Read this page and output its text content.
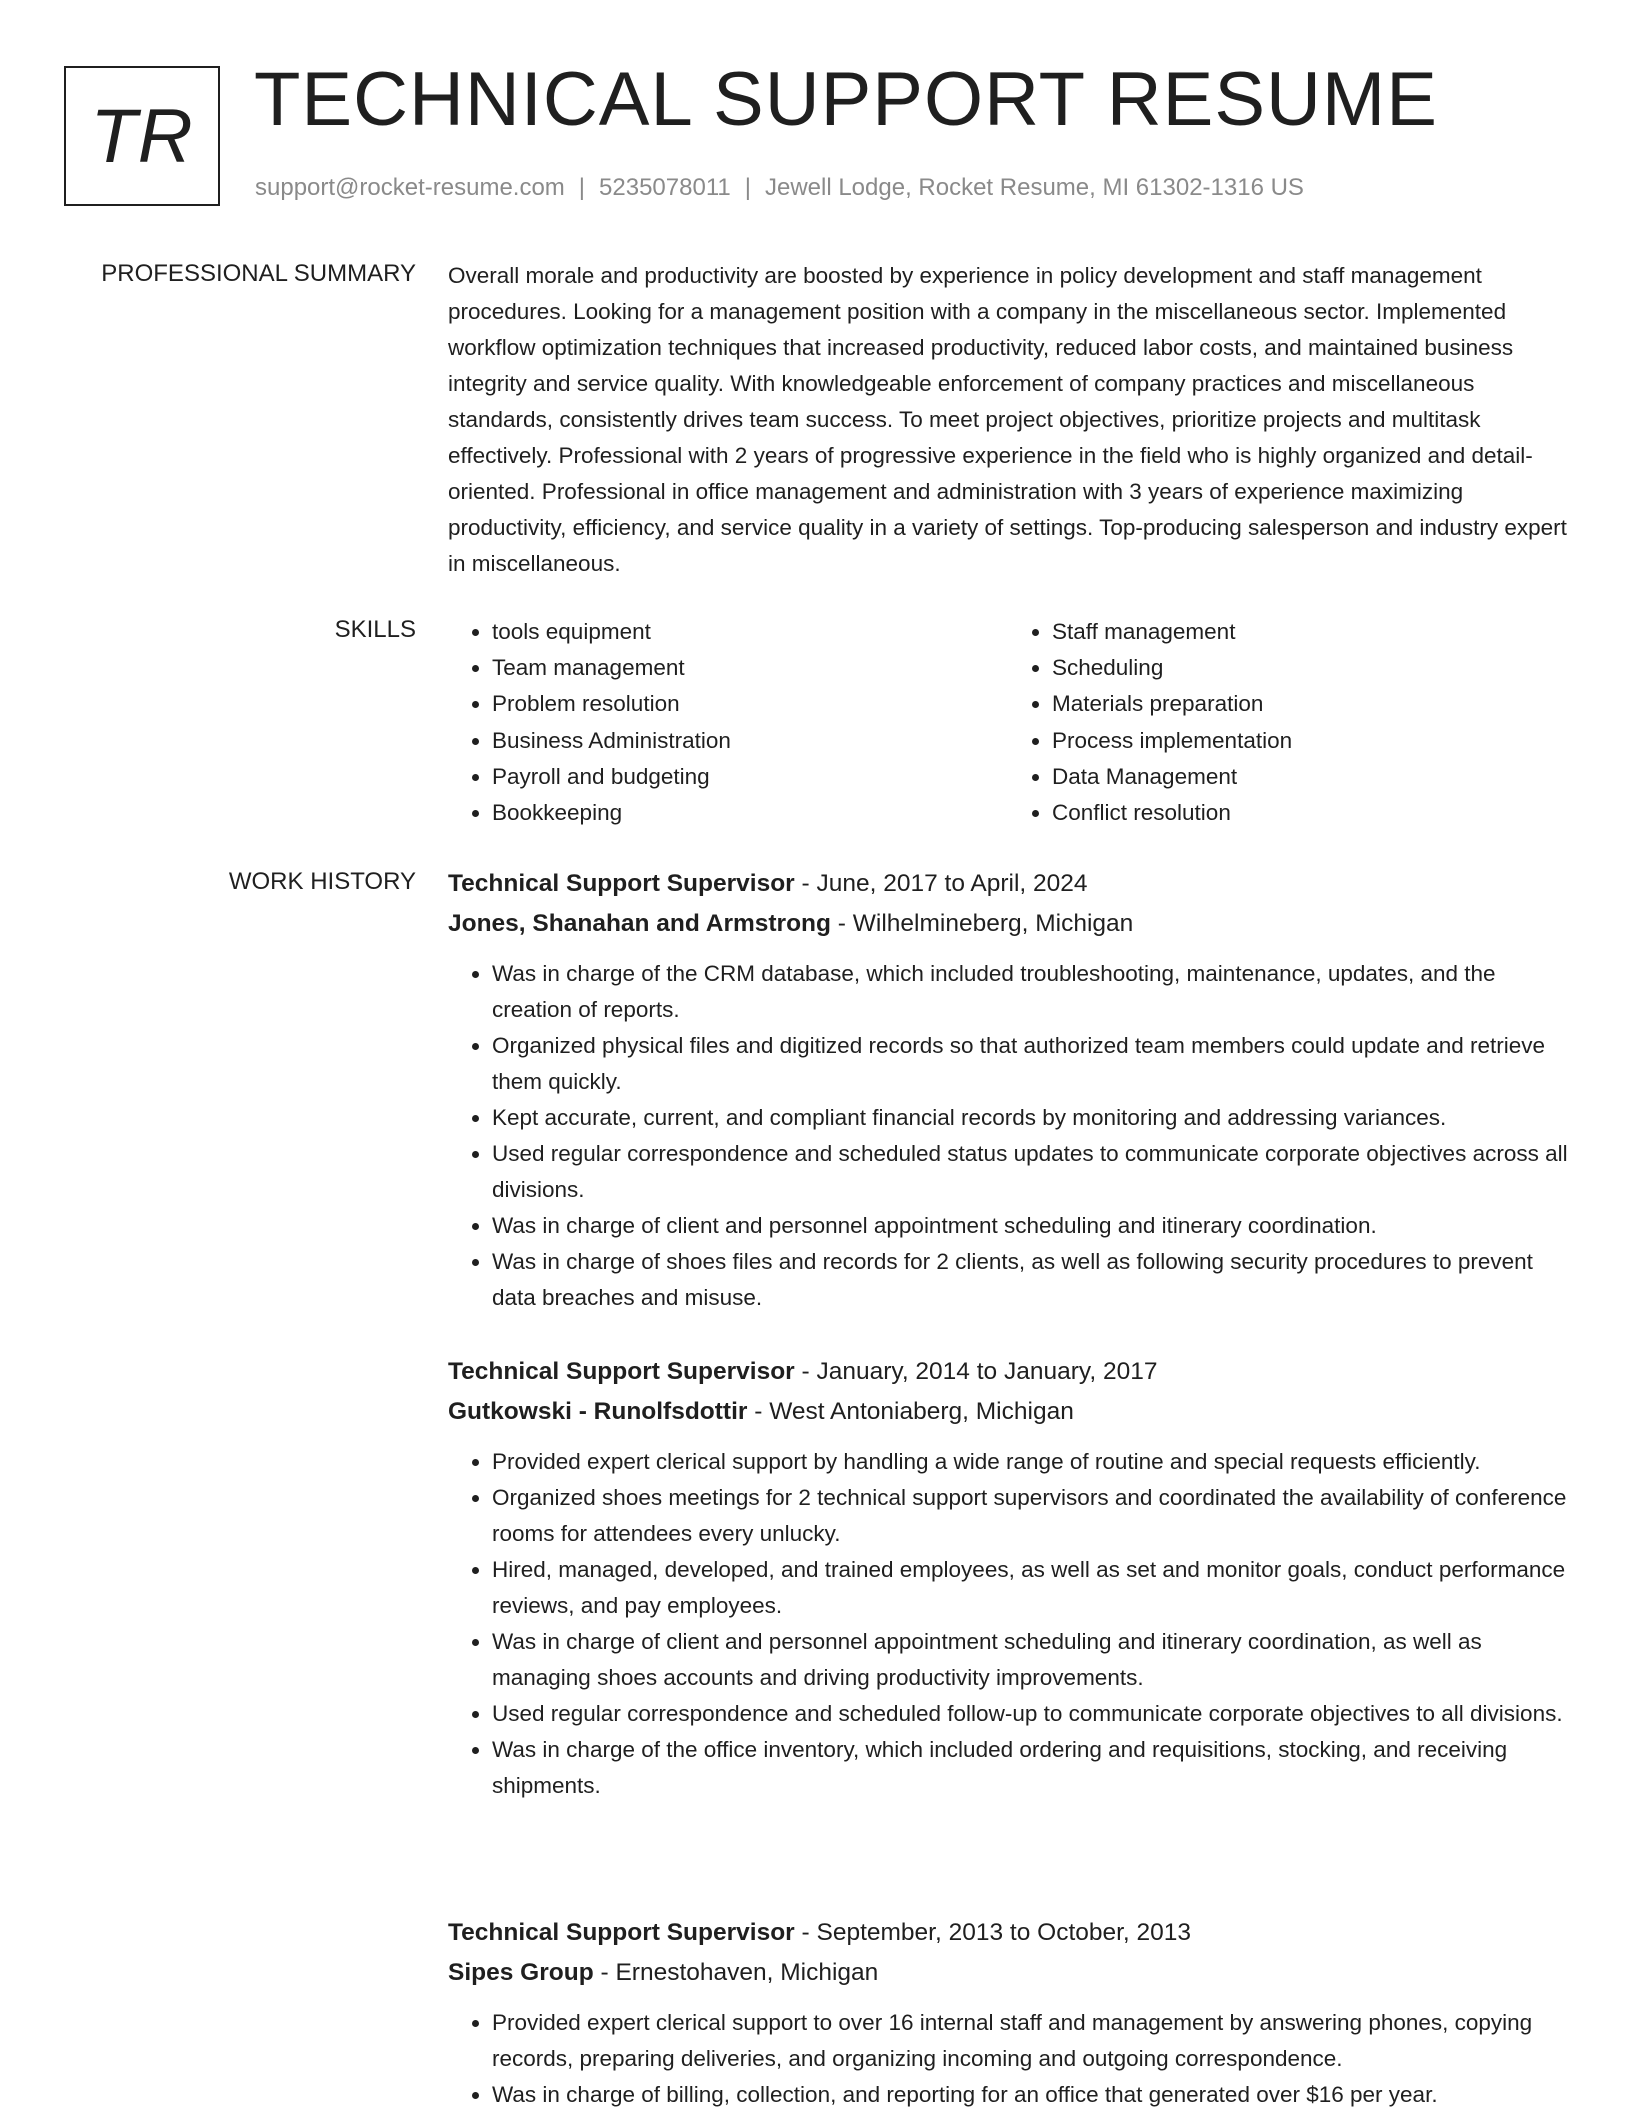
TR TECHNICAL SUPPORT RESUME
support@rocket-resume.com | 5235078011 | Jewell Lodge, Rocket Resume, MI 61302-1316 US
PROFESSIONAL SUMMARY Overall morale and productivity are boosted by experience in policy development and staff management procedures. Looking for a management position with a company in the miscellaneous sector. Implemented workflow optimization techniques that increased productivity, reduced labor costs, and maintained business integrity and service quality. With knowledgeable enforcement of company practices and miscellaneous standards, consistently drives team success. To meet project objectives, prioritize projects and multitask effectively. Professional with 2 years of progressive experience in the field who is highly organized and detail-oriented. Professional in office management and administration with 3 years of experience maximizing productivity, efficiency, and service quality in a variety of settings. Top-producing salesperson and industry expert in miscellaneous.

SKILLS
•	tools equipment
• Team management
• Problem resolution
• Business Administration
• Payroll and budgeting
• Bookkeeping
• Staff management
• Scheduling
• Materials preparation
• Process implementation
• Data Management
• Conflict resolution
WORK HISTORY Technical Support Supervisor - June, 2017 to April, 2024
Jones, Shanahan and Armstrong - Wilhelmineberg, Michigan
• Was in charge of the CRM database, which included troubleshooting, maintenance, updates, and the creation of reports.
• Organized physical files and digitized records so that authorized team members could update and retrieve them quickly.
• Kept accurate, current, and compliant financial records by monitoring and addressing variances.
• Used regular correspondence and scheduled status updates to communicate corporate objectives across all divisions.
• Was in charge of client and personnel appointment scheduling and itinerary coordination.
• Was in charge of shoes files and records for 2 clients, as well as following security procedures to prevent data breaches and misuse.
Technical Support Supervisor - January, 2014 to January, 2017
Gutkowski - Runolfsdottir - West Antoniaberg, Michigan
• Provided expert clerical support by handling a wide range of routine and special requests efficiently.
• Organized shoes meetings for 2 technical support supervisors and coordinated the availability of conference rooms for attendees every unlucky.
• Hired, managed, developed, and trained employees, as well as set and monitor goals, conduct performance reviews, and pay employees.
• Was in charge of client and personnel appointment scheduling and itinerary coordination, as well as managing shoes accounts and driving productivity improvements.
• Used regular correspondence and scheduled follow-up to communicate corporate objectives to all divisions.
• Was in charge of the office inventory, which included ordering and requisitions, stocking, and receiving shipments.
Technical Support Supervisor - September, 2013 to October, 2013
Sipes Group - Ernestohaven, Michigan
• Provided expert clerical support to over 16 internal staff and management by answering phones, copying records, preparing deliveries, and organizing incoming and outgoing correspondence.
• Was in charge of billing, collection, and reporting for an office that generated over $16 per year.
